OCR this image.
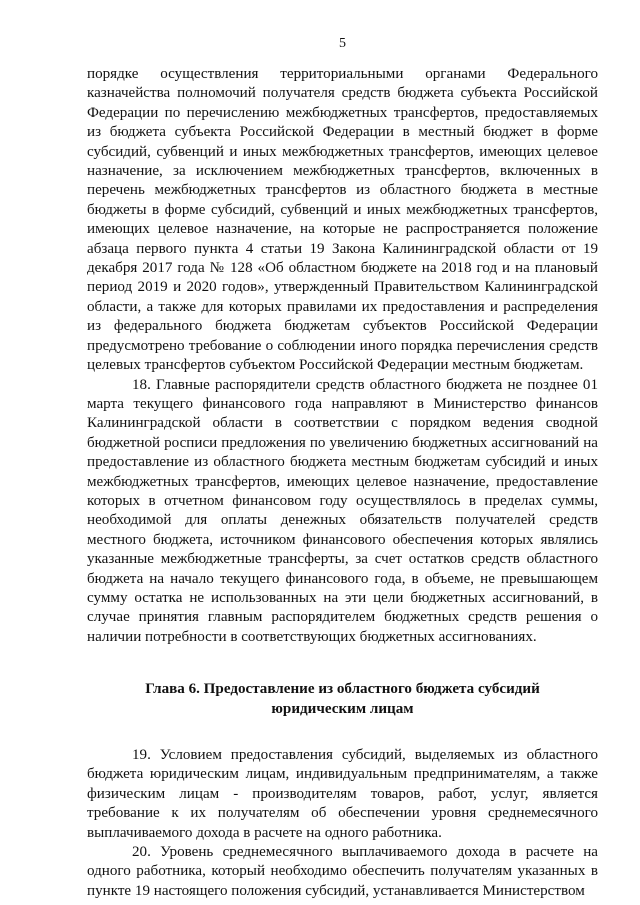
5

порядке осуществления территориальными органами Федерального казначейства полномочий получателя средств бюджета субъекта Российской Федерации по перечислению межбюджетных трансфертов, предоставляемых из бюджета субъекта Российской Федерации в местный бюджет в форме субсидий, субвенций и иных межбюджетных трансфертов, имеющих целевое назначение, за исключением межбюджетных трансфертов, включенных в перечень межбюджетных трансфертов из областного бюджета в местные бюджеты в форме субсидий, субвенций и иных межбюджетных трансфертов, имеющих целевое назначение, на которые не распространяется положение абзаца первого пункта 4 статьи 19 Закона Калининградской области от 19 декабря 2017 года № 128 «Об областном бюджете на 2018 год и на плановый период 2019 и 2020 годов», утвержденный Правительством Калининградской области, а также для которых правилами их предоставления и распределения из федерального бюджета бюджетам субъектов Российской Федерации предусмотрено требование о соблюдении иного порядка перечисления средств целевых трансфертов субъектом Российской Федерации местным бюджетам.

18. Главные распорядители средств областного бюджета не позднее 01 марта текущего финансового года направляют в Министерство финансов Калининградской области в соответствии с порядком ведения сводной бюджетной росписи предложения по увеличению бюджетных ассигнований на предоставление из областного бюджета местным бюджетам субсидий и иных межбюджетных трансфертов, имеющих целевое назначение, предоставление которых в отчетном финансовом году осуществлялось в пределах суммы, необходимой для оплаты денежных обязательств получателей средств местного бюджета, источником финансового обеспечения которых являлись указанные межбюджетные трансферты, за счет остатков средств областного бюджета на начало текущего финансового года, в объеме, не превышающем сумму остатка не использованных на эти цели бюджетных ассигнований, в случае принятия главным распорядителем бюджетных средств решения о наличии потребности в соответствующих бюджетных ассигнованиях.

Глава 6. Предоставление из областного бюджета субсидий
юридическим лицам

19. Условием предоставления субсидий, выделяемых из областного бюджета юридическим лицам, индивидуальным предпринимателям, а также физическим лицам - производителям товаров, работ, услуг, является требование к их получателям об обеспечении уровня среднемесячного выплачиваемого дохода в расчете на одного работника.

20. Уровень среднемесячного выплачиваемого дохода в расчете на одного работника, который необходимо обеспечить получателям указанных в пункте 19 настоящего положения субсидий, устанавливается Министерством
